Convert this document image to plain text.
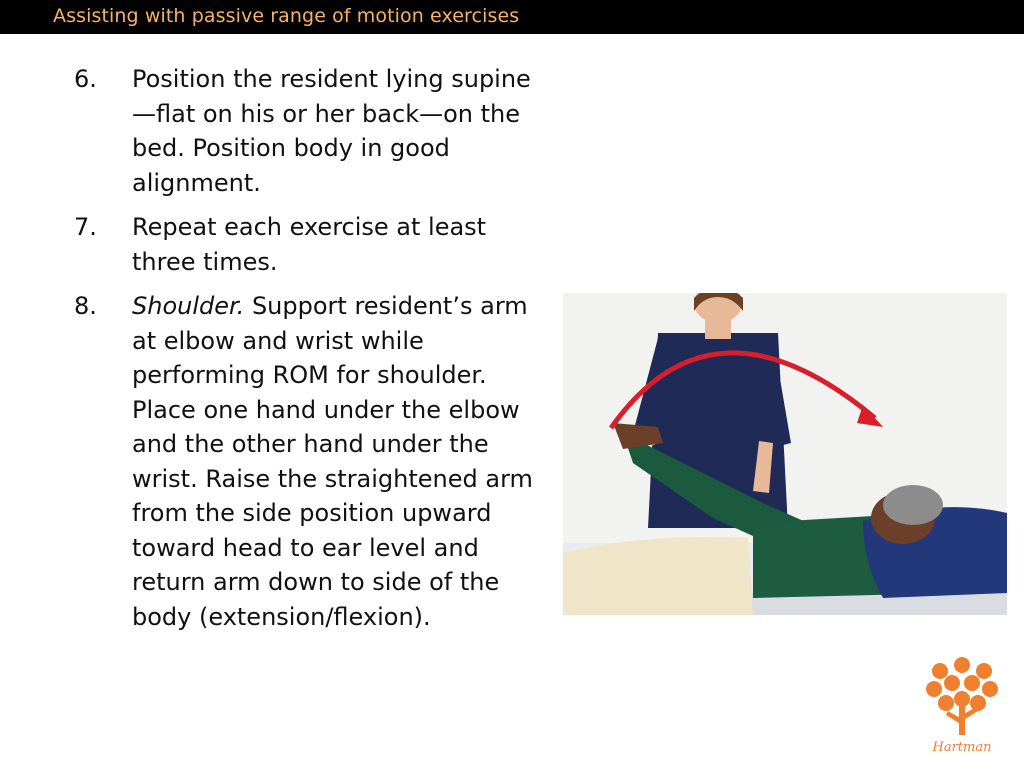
Assisting with passive range of motion exercises
6.	Position the resident lying supine—flat on his or her back—on the bed. Position body in good alignment.
7.	Repeat each exercise at least three times.
8.	Shoulder. Support resident’s arm at elbow and wrist while performing ROM for shoulder. Place one hand under the elbow and the other hand under the wrist. Raise the straightened arm from the side position upward toward head to ear level and return arm down to side of the body (extension/flexion).
Hartman
